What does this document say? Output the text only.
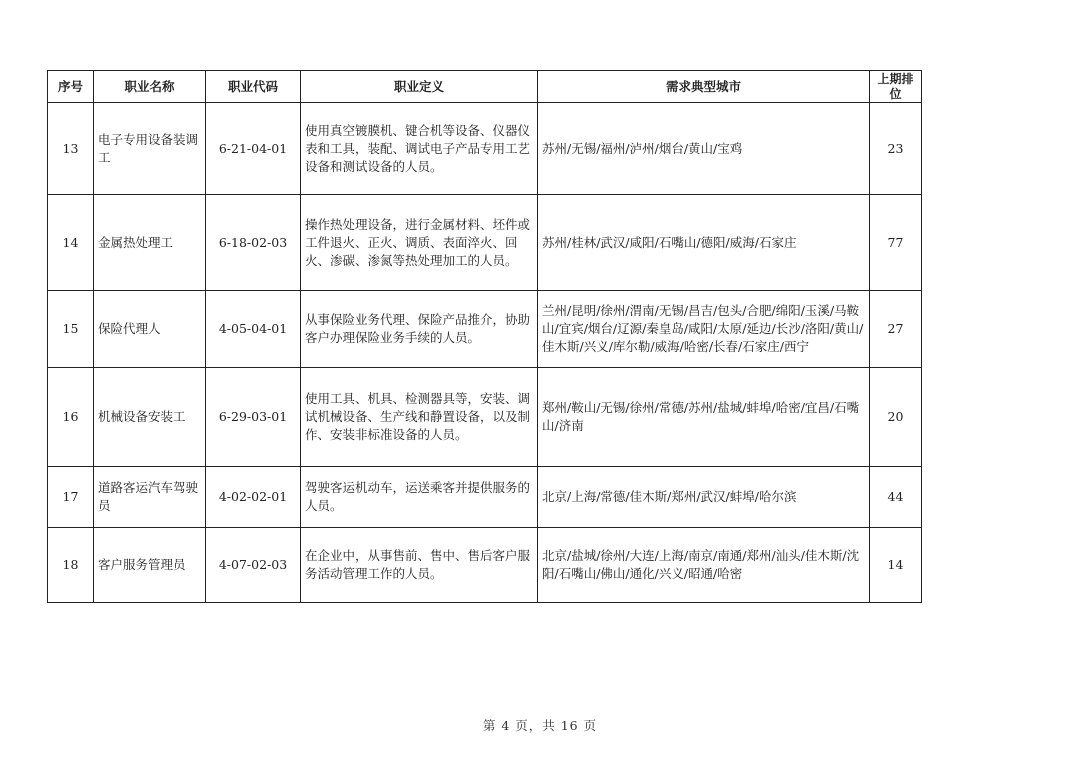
序号	职业名称	职业代码	职业定义	需求典型城市	上期排位
13	电子专用设备装调工	6-21-04-01	使用真空镀膜机、键合机等设备、仪器仪表和工具，装配、调试电子产品专用工艺设备和测试设备的人员。	苏州/无锡/福州/泸州/烟台/黄山/宝鸡	23
14	金属热处理工	6-18-02-03	操作热处理设备，进行金属材料、坯件或工件退火、正火、调质、表面淬火、回火、渗碳、渗氮等热处理加工的人员。	苏州/桂林/武汉/咸阳/石嘴山/德阳/威海/石家庄	77
15	保险代理人	4-05-04-01	从事保险业务代理、保险产品推介，协助客户办理保险业务手续的人员。	兰州/昆明/徐州/渭南/无锡/昌吉/包头/合肥/绵阳/玉溪/马鞍山/宜宾/烟台/辽源/秦皇岛/咸阳/太原/延边/长沙/洛阳/黄山/佳木斯/兴义/库尔勒/威海/哈密/长春/石家庄/西宁	27
16	机械设备安装工	6-29-03-01	使用工具、机具、检测器具等，安装、调试机械设备、生产线和静置设备，以及制作、安装非标准设备的人员。	郑州/鞍山/无锡/徐州/常德/苏州/盐城/蚌埠/哈密/宜昌/石嘴山/济南	20
17	道路客运汽车驾驶员	4-02-02-01	驾驶客运机动车，运送乘客并提供服务的人员。	北京/上海/常德/佳木斯/郑州/武汉/蚌埠/哈尔滨	44
18	客户服务管理员	4-07-02-03	在企业中，从事售前、售中、售后客户服务活动管理工作的人员。	北京/盐城/徐州/大连/上海/南京/南通/郑州/汕头/佳木斯/沈阳/石嘴山/佛山/通化/兴义/昭通/哈密	14
第 4 页，共 16 页
